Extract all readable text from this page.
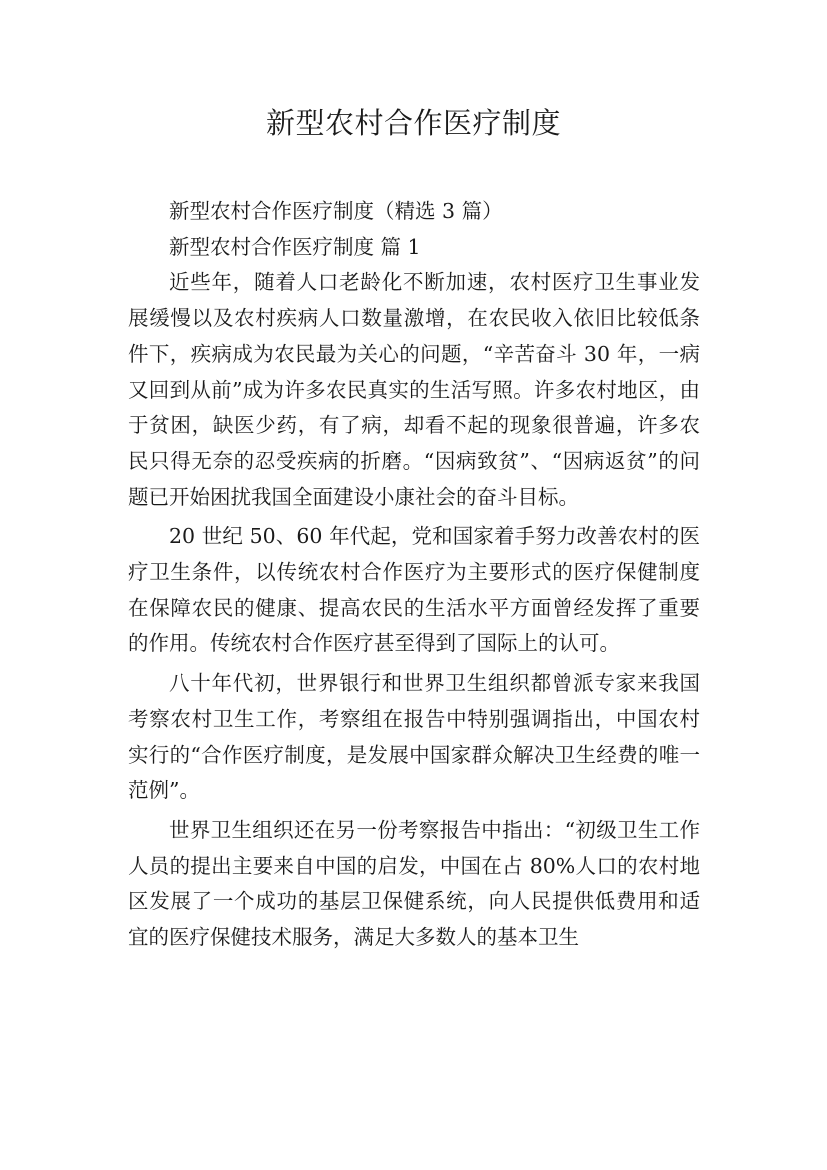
新型农村合作医疗制度

新型农村合作医疗制度（精选 3 篇）

新型农村合作医疗制度 篇 1

近些年，随着人口老龄化不断加速，农村医疗卫生事业发展缓慢以及农村疾病人口数量激增，在农民收入依旧比较低条件下，疾病成为农民最为关心的问题，“辛苦奋斗 30 年，一病又回到从前”成为许多农民真实的生活写照。许多农村地区，由于贫困，缺医少药，有了病，却看不起的现象很普遍，许多农民只得无奈的忍受疾病的折磨。“因病致贫”、“因病返贫”的问题已开始困扰我国全面建设小康社会的奋斗目标。

20 世纪 50、60 年代起，党和国家着手努力改善农村的医疗卫生条件，以传统农村合作医疗为主要形式的医疗保健制度在保障农民的健康、提高农民的生活水平方面曾经发挥了重要的作用。传统农村合作医疗甚至得到了国际上的认可。

八十年代初，世界银行和世界卫生组织都曾派专家来我国考察农村卫生工作，考察组在报告中特别强调指出，中国农村实行的“合作医疗制度，是发展中国家群众解决卫生经费的唯一范例”。

世界卫生组织还在另一份考察报告中指出：“初级卫生工作人员的提出主要来自中国的启发，中国在占 80%人口的农村地区发展了一个成功的基层卫保健系统，向人民提供低费用和适宜的医疗保健技术服务，满足大多数人的基本卫生
